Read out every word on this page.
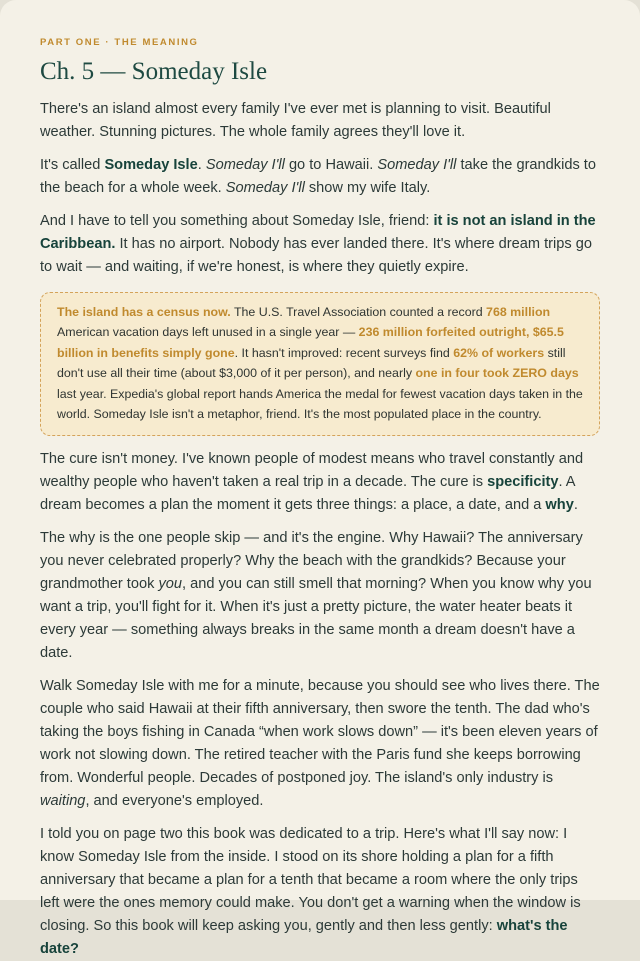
PART ONE · THE MEANING
Ch. 5 — Someday Isle

There's an island almost every family I've ever met is planning to visit. Beautiful weather. Stunning pictures. The whole family agrees they'll love it.

It's called Someday Isle. Someday I'll go to Hawaii. Someday I'll take the grandkids to the beach for a whole week. Someday I'll show my wife Italy.

And I have to tell you something about Someday Isle, friend: it is not an island in the Caribbean. It has no airport. Nobody has ever landed there. It's where dream trips go to wait — and waiting, if we're honest, is where they quietly expire.

The island has a census now. The U.S. Travel Association counted a record 768 million American vacation days left unused in a single year — 236 million forfeited outright, $65.5 billion in benefits simply gone. It hasn't improved: recent surveys find 62% of workers still don't use all their time (about $3,000 of it per person), and nearly one in four took ZERO days last year. Expedia's global report hands America the medal for fewest vacation days taken in the world. Someday Isle isn't a metaphor, friend. It's the most populated place in the country.

The cure isn't money. I've known people of modest means who travel constantly and wealthy people who haven't taken a real trip in a decade. The cure is specificity. A dream becomes a plan the moment it gets three things: a place, a date, and a why.

The why is the one people skip — and it's the engine. Why Hawaii? The anniversary you never celebrated properly? Why the beach with the grandkids? Because your grandmother took you, and you can still smell that morning? When you know why you want a trip, you'll fight for it. When it's just a pretty picture, the water heater beats it every year — something always breaks in the same month a dream doesn't have a date.

Walk Someday Isle with me for a minute, because you should see who lives there. The couple who said Hawaii at their fifth anniversary, then swore the tenth. The dad who's taking the boys fishing in Canada “when work slows down” — it's been eleven years of work not slowing down. The retired teacher with the Paris fund she keeps borrowing from. Wonderful people. Decades of postponed joy. The island's only industry is waiting, and everyone's employed.

I told you on page two this book was dedicated to a trip. Here's what I'll say now: I know Someday Isle from the inside. I stood on its shore holding a plan for a fifth anniversary that became a plan for a tenth that became a room where the only trips left were the ones memory could make. You don't get a warning when the window is closing. So this book will keep asking you, gently and then less gently: what's the date?
